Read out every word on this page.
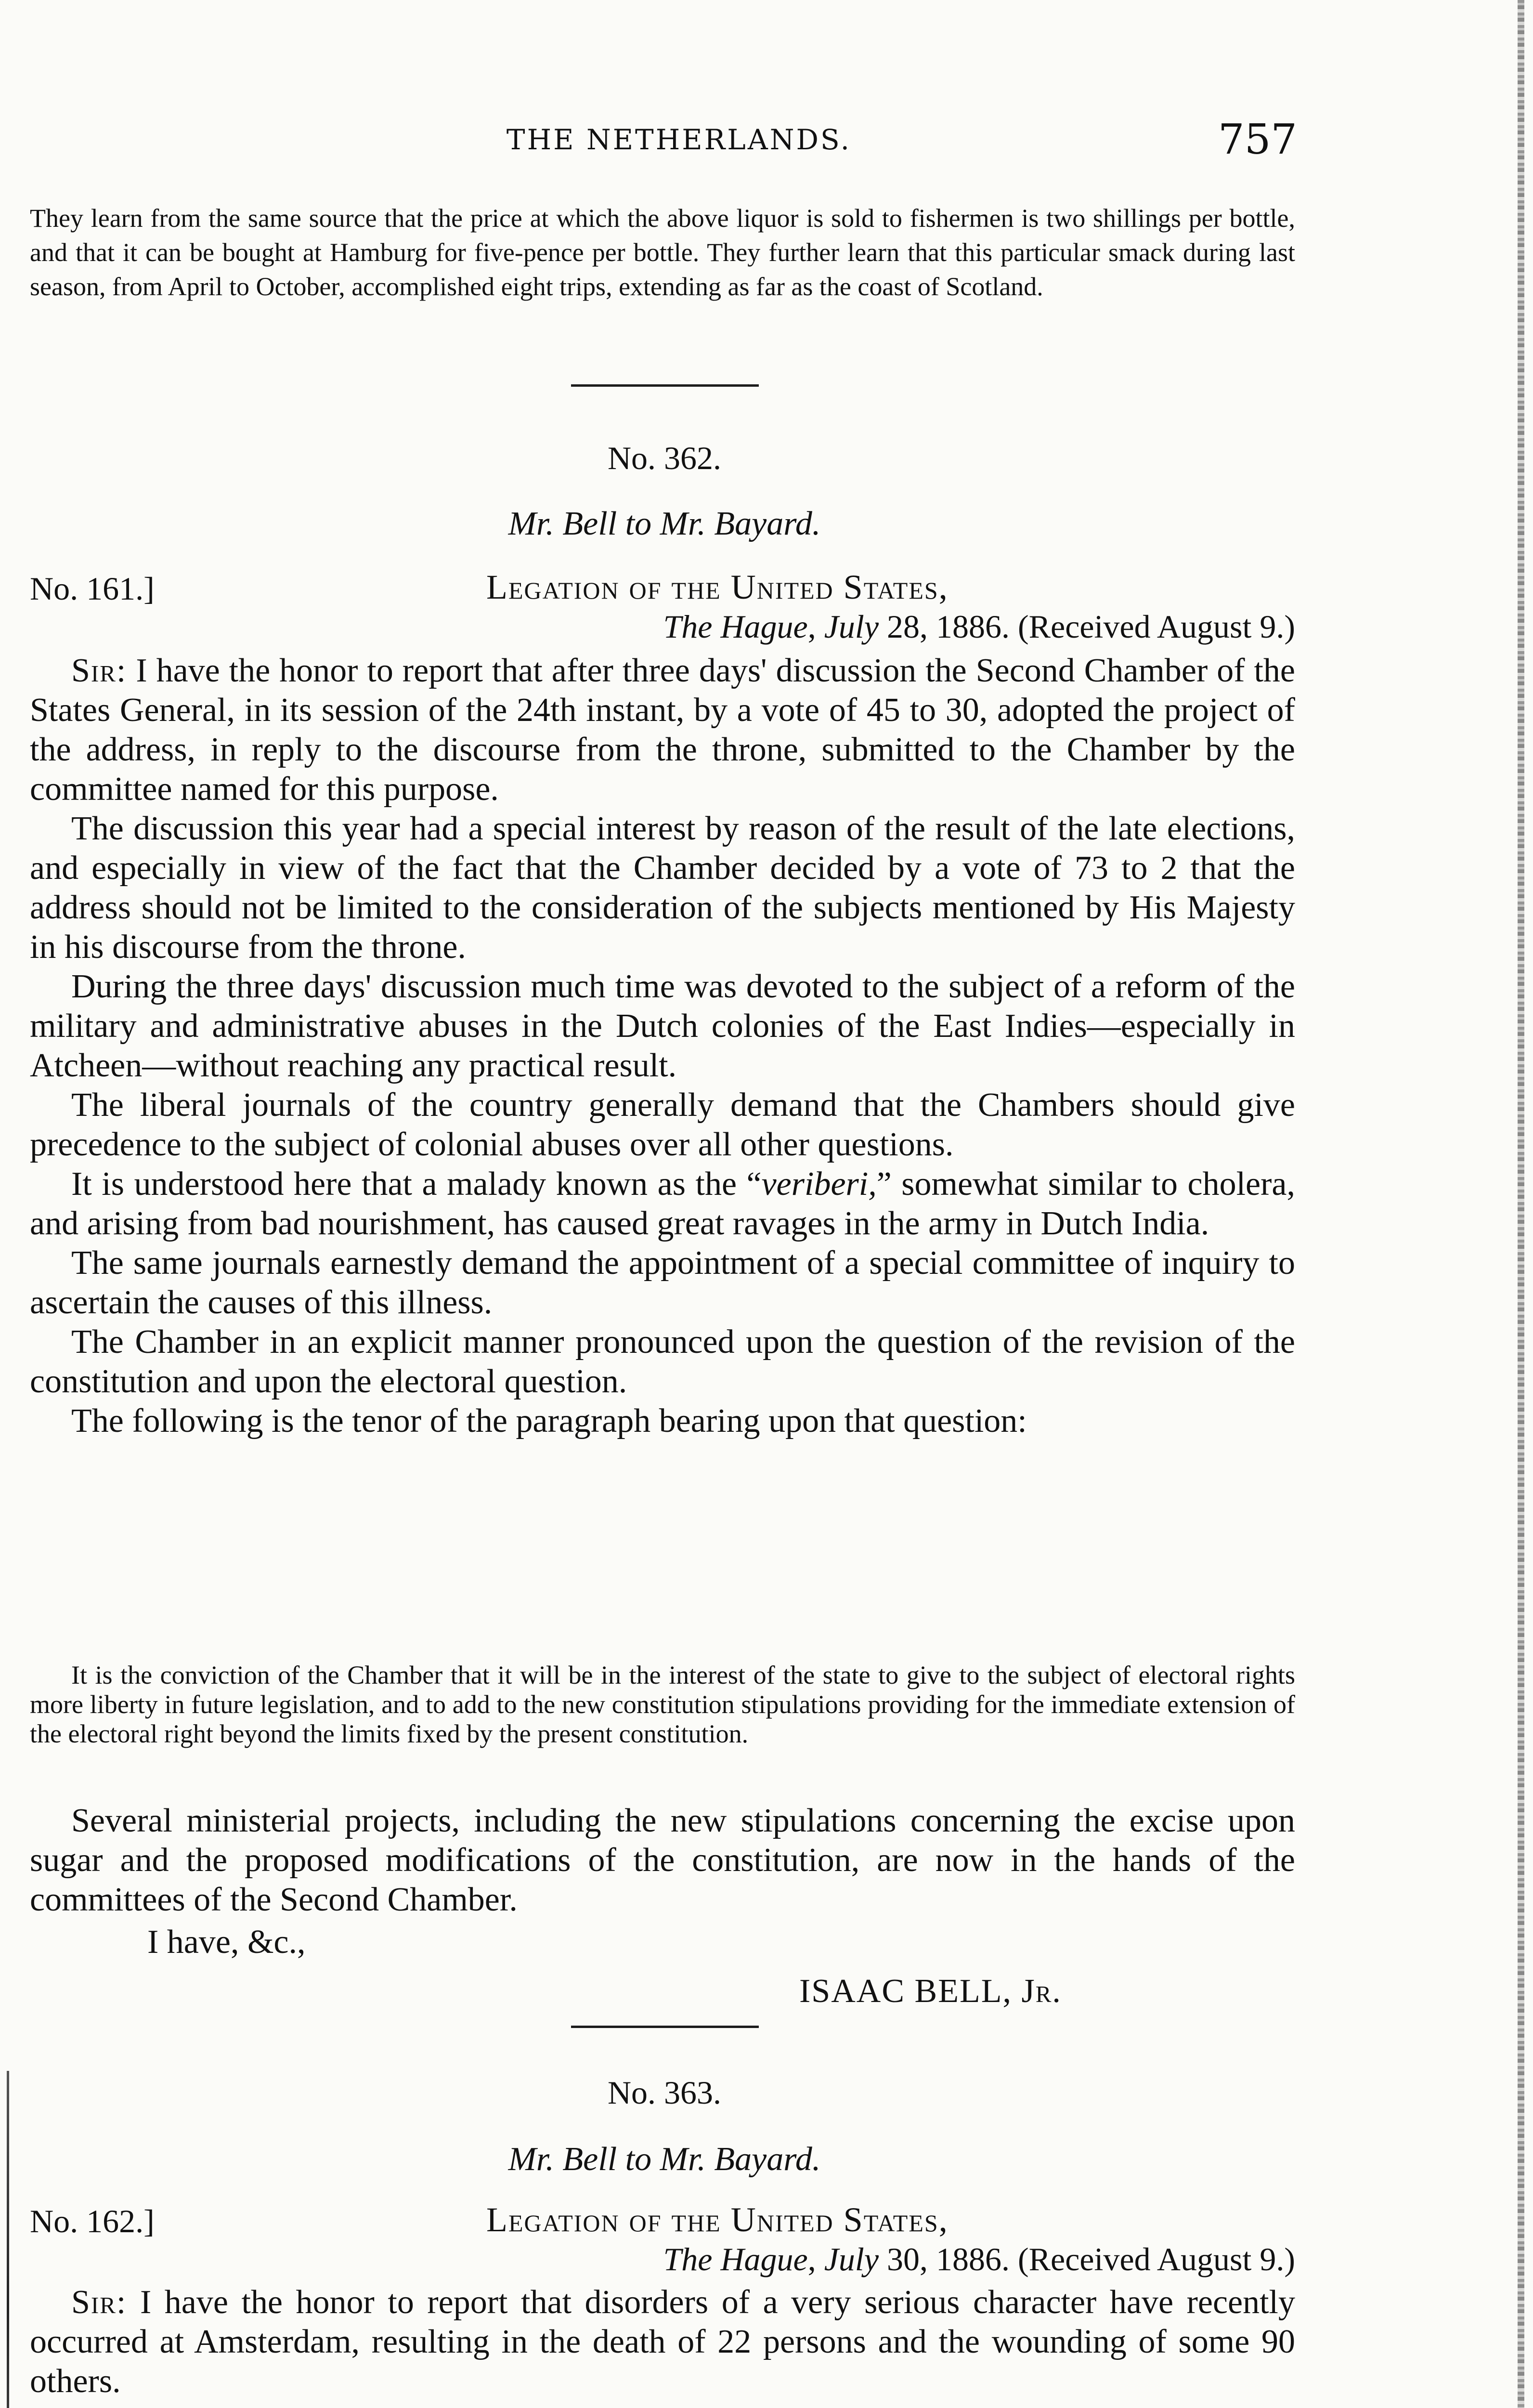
THE NETHERLANDS.	757
They learn from the same source that the price at which the above liquor is sold to fishermen is two shillings per bottle, and that it can be bought at Hamburg for five-pence per bottle. They further learn that this particular smack during last season, from April to October, accomplished eight trips, extending as far as the coast of Scotland.
No. 362.
Mr. Bell to Mr. Bayard.
No. 161.]	Legation of the United States,
The Hague, July 28, 1886. (Received August 9.)

Sir: I have the honor to report that after three days' discussion the Second Chamber of the States General, in its session of the 24th instant, by a vote of 45 to 30, adopted the project of the address, in reply to the discourse from the throne, submitted to the Chamber by the committee named for this purpose.

The discussion this year had a special interest by reason of the result of the late elections, and especially in view of the fact that the Chamber decided by a vote of 73 to 2 that the address should not be limited to the consideration of the subjects mentioned by His Majesty in his discourse from the throne.

During the three days' discussion much time was devoted to the subject of a reform of the military and administrative abuses in the Dutch colonies of the East Indies—especially in Atcheen—without reaching any practical result.

The liberal journals of the country generally demand that the Chambers should give precedence to the subject of colonial abuses over all other questions.

It is understood here that a malady known as the “veriberi,” somewhat similar to cholera, and arising from bad nourishment, has caused great ravages in the army in Dutch India.

The same journals earnestly demand the appointment of a special committee of inquiry to ascertain the causes of this illness.

The Chamber in an explicit manner pronounced upon the question of the revision of the constitution and upon the electoral question.

The following is the tenor of the paragraph bearing upon that question:

It is the conviction of the Chamber that it will be in the interest of the state to give to the subject of electoral rights more liberty in future legislation, and to add to the new constitution stipulations providing for the immediate extension of the electoral right beyond the limits fixed by the present constitution.

Several ministerial projects, including the new stipulations concerning the excise upon sugar and the proposed modifications of the constitution, are now in the hands of the committees of the Second Chamber.

I have, &c.,
ISAAC BELL, Jr.
No. 363.
Mr. Bell to Mr. Bayard.
No. 162.]	Legation of the United States,
The Hague, July 30, 1886. (Received August 9.)

Sir: I have the honor to report that disorders of a very serious character have recently occurred at Amsterdam, resulting in the death of 22 persons and the wounding of some 90 others.
